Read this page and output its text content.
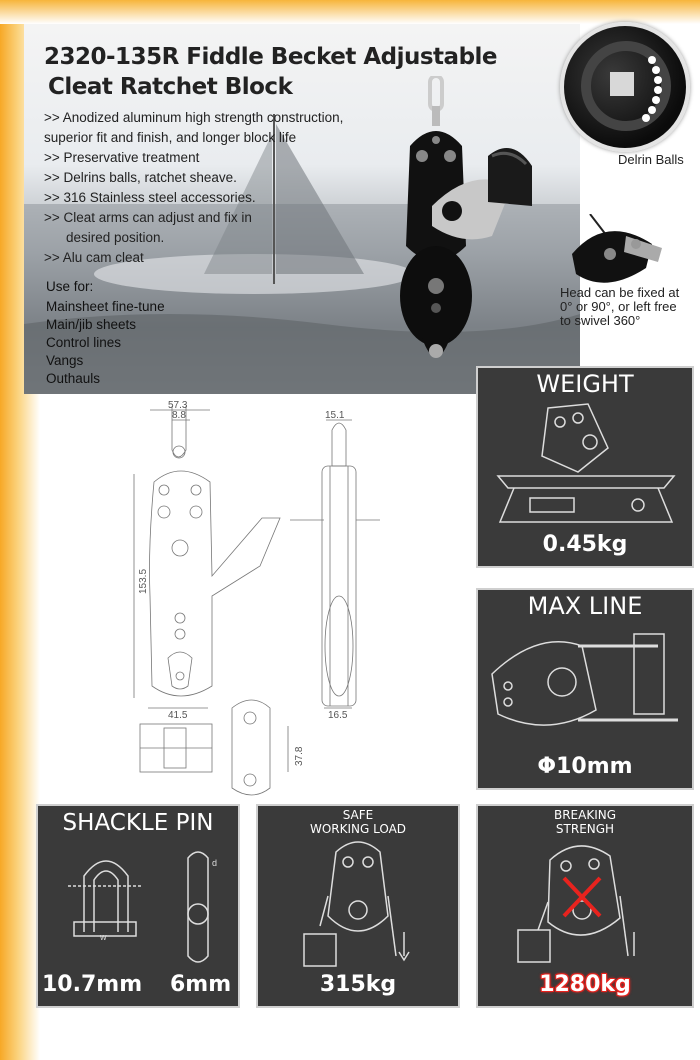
2320-135R Fiddle Becket Adjustable
Cleat Ratchet Block
>> Anodized aluminum high strength construction,
superior fit and finish, and longer block life
>> Preservative treatment
>> Delrins balls, ratchet sheave.
>> 316 Stainless steel accessories.
>> Cleat arms can adjust and fix in
desired position.
>> Alu cam cleat
Use for:
Mainsheet fine-tune
Main/jib sheets
Control lines
Vangs
Outhauls
Delrin Balls
Head can be fixed at
0° or 90°, or left free
to swivel 360°
57.3
8.8	15.1
153.5
41.5	16.5
37.8
WEIGHT
0.45kg
MAX LINE
Φ10mm
SHACKLE PIN
w
d
10.7mm 6mm
SAFE
WORKING LOAD
315kg
BREAKING
STRENGH
1280kg
